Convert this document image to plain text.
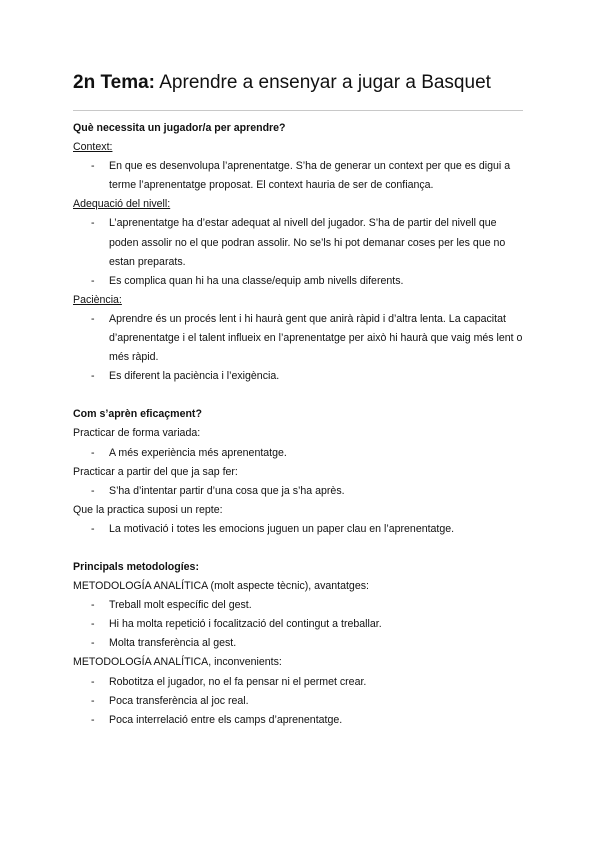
2n Tema: Aprendre a ensenyar a jugar a Basquet

Què necessita un jugador/a per aprendre?

Context:

- En que es desenvolupa l’aprenentatge. S’ha de generar un context per que es digui a terme l’aprenentatge proposat. El context hauria de ser de confiança.

Adequació del nivell:

- L’aprenentatge ha d’estar adequat al nivell del jugador. S’ha de partir del nivell que poden assolir no el que podran assolir. No se’ls hi pot demanar coses per les que no estan preparats.
- Es complica quan hi ha una classe/equip amb nivells diferents.

Paciència:

- Aprendre és un procés lent i hi haurà gent que anirà ràpid i d’altra lenta. La capacitat d’aprenentatge i el talent influeix en l’aprenentatge per això hi haurà que vaig més lent o més ràpid.
- Es diferent la paciència i l’exigència.

Com s’aprèn eficaçment?

Practicar de forma variada:

- A més experiència més aprenentatge.

Practicar a partir del que ja sap fer:

- S’ha d’intentar partir d’una cosa que ja s’ha après.

Que la practica suposi un repte:

- La motivació i totes les emocions juguen un paper clau en l’aprenentatge.

Principals metodologíes:

METODOLOGÍA ANALÍTICA (molt aspecte tècnic), avantatges:

- Treball molt específic del gest.
- Hi ha molta repetició i focalització del contingut a treballar.
- Molta transferència al gest.

METODOLOGÍA ANALÍTICA, inconvenients:

- Robotitza el jugador, no el fa pensar ni el permet crear.
- Poca transferència al joc real.
- Poca interrelació entre els camps d’aprenentatge.
